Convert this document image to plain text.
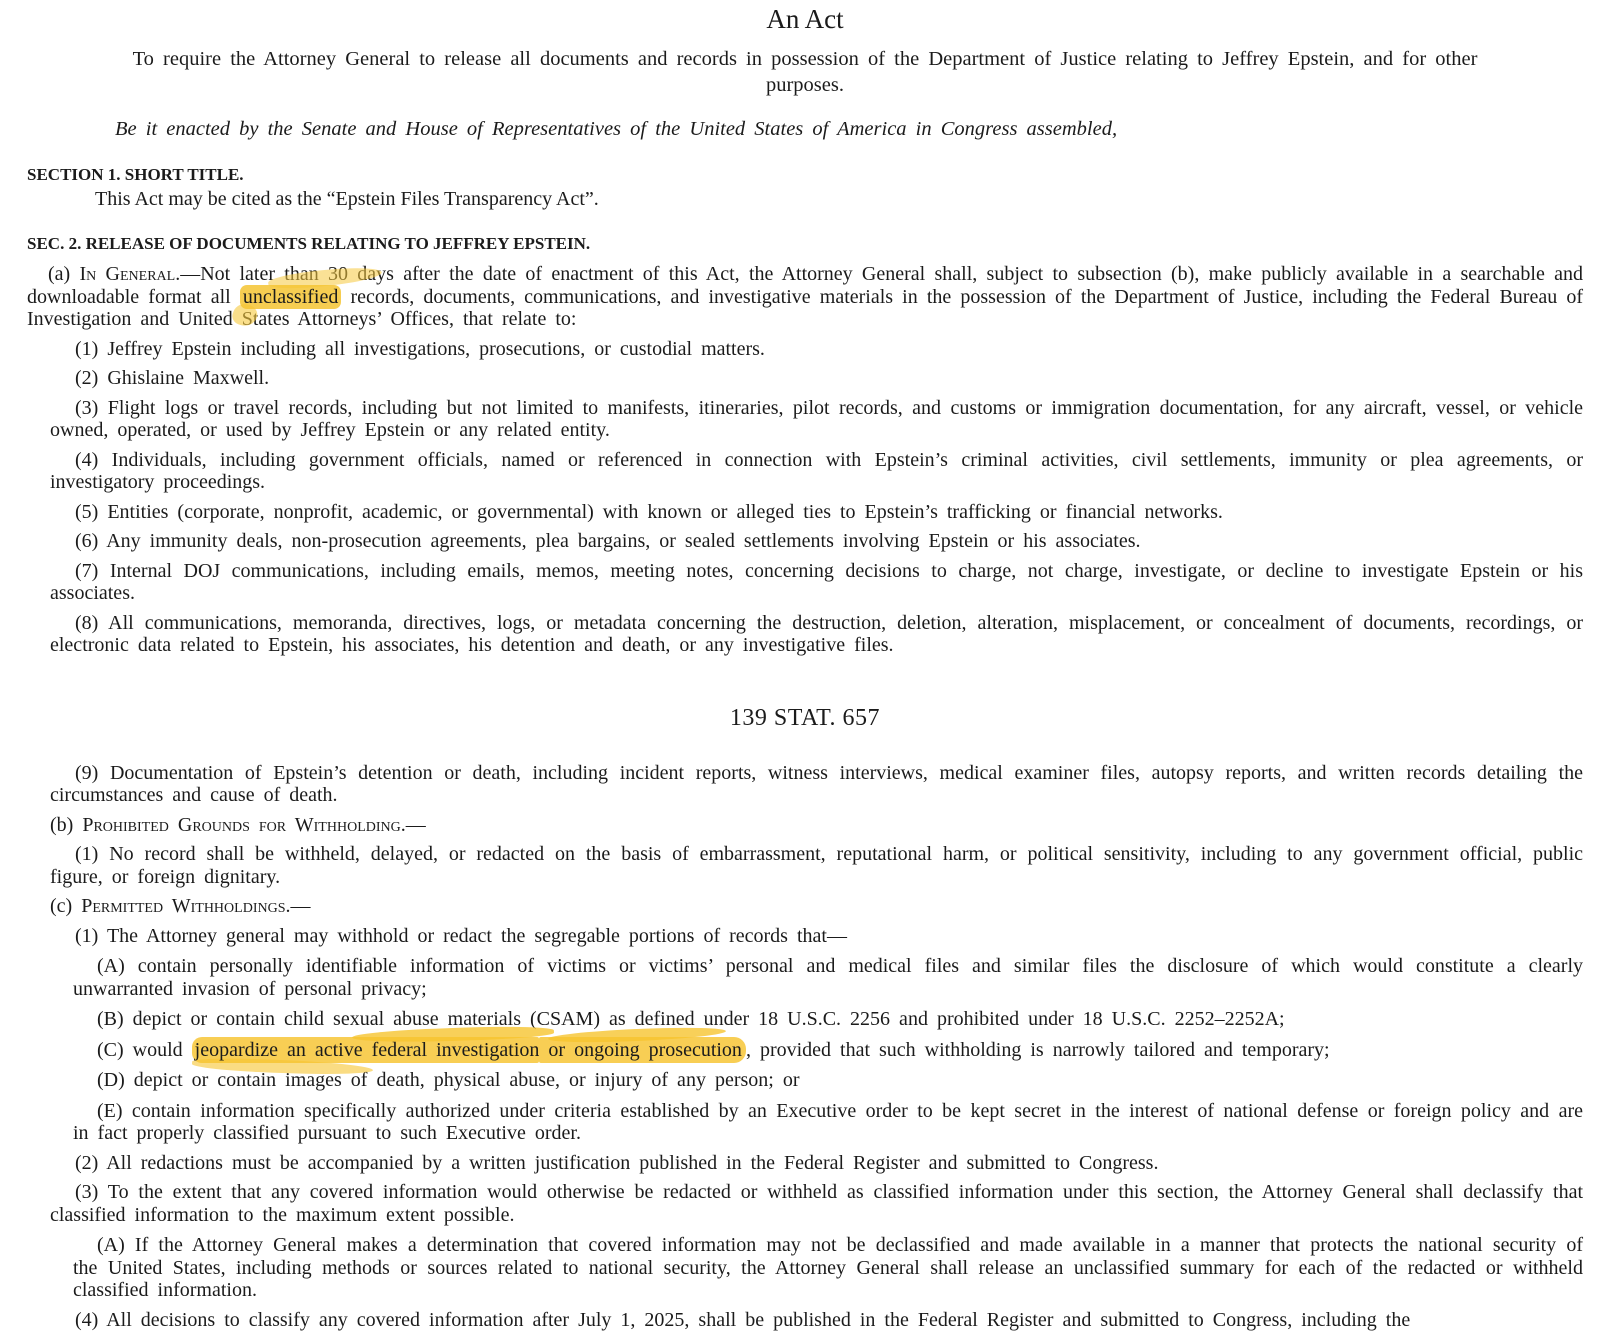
An Act

To require the Attorney General to release all documents and records in possession of the Department of Justice relating to Jeffrey Epstein, and for other purposes.

Be it enacted by the Senate and House of Representatives of the United States of America in Congress assembled,

SECTION 1. SHORT TITLE.

This Act may be cited as the “Epstein Files Transparency Act”.

SEC. 2. RELEASE OF DOCUMENTS RELATING TO JEFFREY EPSTEIN.

(a) In General.—Not later than 30 days after the date of enactment of this Act, the Attorney General shall, subject to subsection (b), make publicly available in a searchable and downloadable format all unclassified records, documents, communications, and investigative materials in the possession of the Department of Justice, including the Federal Bureau of Investigation and United States Attorneys’ Offices, that relate to:

(1) Jeffrey Epstein including all investigations, prosecutions, or custodial matters.

(2) Ghislaine Maxwell.

(3) Flight logs or travel records, including but not limited to manifests, itineraries, pilot records, and customs or immigration documentation, for any aircraft, vessel, or vehicle owned, operated, or used by Jeffrey Epstein or any related entity.

(4) Individuals, including government officials, named or referenced in connection with Epstein’s criminal activities, civil settlements, immunity or plea agreements, or investigatory proceedings.

(5) Entities (corporate, nonprofit, academic, or governmental) with known or alleged ties to Epstein’s trafficking or financial networks.

(6) Any immunity deals, non-prosecution agreements, plea bargains, or sealed settlements involving Epstein or his associates.

(7) Internal DOJ communications, including emails, memos, meeting notes, concerning decisions to charge, not charge, investigate, or decline to investigate Epstein or his associates.

(8) All communications, memoranda, directives, logs, or metadata concerning the destruction, deletion, alteration, misplacement, or concealment of documents, recordings, or electronic data related to Epstein, his associates, his detention and death, or any investigative files.

139 STAT. 657

(9) Documentation of Epstein’s detention or death, including incident reports, witness interviews, medical examiner files, autopsy reports, and written records detailing the circumstances and cause of death.

(b) Prohibited Grounds for Withholding.—

(1) No record shall be withheld, delayed, or redacted on the basis of embarrassment, reputational harm, or political sensitivity, including to any government official, public figure, or foreign dignitary.

(c) Permitted Withholdings.—

(1) The Attorney general may withhold or redact the segregable portions of records that—

(A) contain personally identifiable information of victims or victims’ personal and medical files and similar files the disclosure of which would constitute a clearly unwarranted invasion of personal privacy;

(B) depict or contain child sexual abuse materials (CSAM) as defined under 18 U.S.C. 2256 and prohibited under 18 U.S.C. 2252–2252A;

(C) would jeopardize an active federal investigation or ongoing prosecution , provided that such withholding is narrowly tailored and temporary;

(D) depict or contain images of death, physical abuse, or injury of any person; or

(E) contain information specifically authorized under criteria established by an Executive order to be kept secret in the interest of national defense or foreign policy and are in fact properly classified pursuant to such Executive order.

(2) All redactions must be accompanied by a written justification published in the Federal Register and submitted to Congress.

(3) To the extent that any covered information would otherwise be redacted or withheld as classified information under this section, the Attorney General shall declassify that classified information to the maximum extent possible.

(A) If the Attorney General makes a determination that covered information may not be declassified and made available in a manner that protects the national security of the United States, including methods or sources related to national security, the Attorney General shall release an unclassified summary for each of the redacted or withheld classified information.

(4) All decisions to classify any covered information after July 1, 2025, shall be published in the Federal Register and submitted to Congress, including the
